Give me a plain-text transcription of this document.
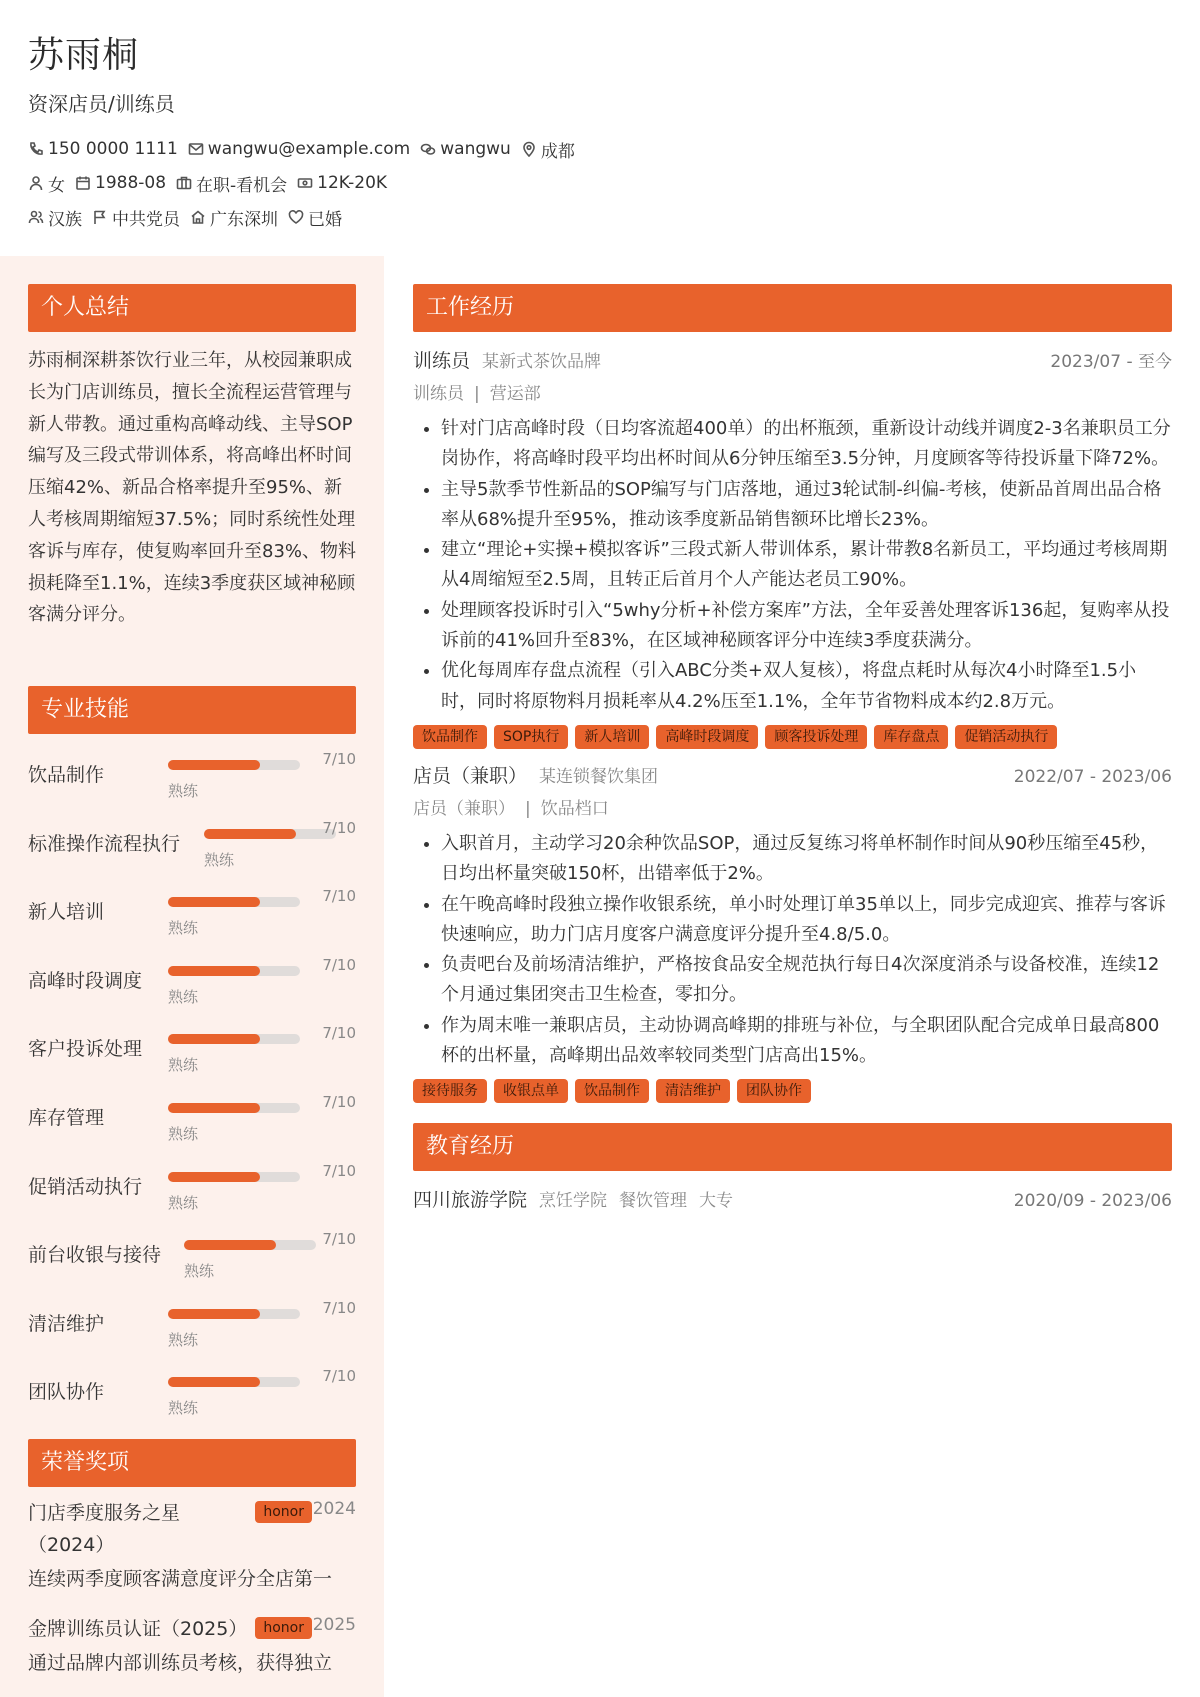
苏雨桐
资深店员/训练员
150 0000 1111 wangwu@example.com wangwu 成都
女 1988-08 在职-看机会 12K-20K
汉族 中共党员 广东深圳 已婚
个人总结
苏雨桐深耕茶饮行业三年，从校园兼职成长为门店训练员，擅长全流程运营管理与新人带教。通过重构高峰动线、主导SOP编写及三段式带训体系，将高峰出杯时间压缩42%、新品合格率提升至95%、新人考核周期缩短37.5%；同时系统性处理客诉与库存，使复购率回升至83%、物料损耗降至1.1%，连续3季度获区域神秘顾客满分评分。
专业技能
饮品制作
熟练
7/10
标准操作流程执行
熟练
7/10
新人培训
熟练
7/10
高峰时段调度
熟练
7/10
客户投诉处理
熟练
7/10
库存管理
熟练
7/10
促销活动执行
熟练
7/10
前台收银与接待
熟练
7/10
清洁维护
熟练
7/10
团队协作
熟练
7/10
荣誉奖项
门店季度服务之星（2024）
honor 2024
连续两季度顾客满意度评分全店第一
金牌训练员认证（2025）	honor 2025
通过品牌内部训练员考核，获得独立
工作经历
训练员 某新式茶饮品牌	2023/07 - 至今
训练员 | 营运部
• 针对门店高峰时段（日均客流超400单）的出杯瓶颈，重新设计动线并调度2-3名兼职员工分岗协作，将高峰时段平均出杯时间从6分钟压缩至3.5分钟，月度顾客等待投诉量下降72%。
• 主导5款季节性新品的SOP编写与门店落地，通过3轮试制-纠偏-考核，使新品首周出品合格率从68%提升至95%，推动该季度新品销售额环比增长23%。
• 建立“理论+实操+模拟客诉”三段式新人带训体系，累计带教8名新员工，平均通过考核周期从4周缩短至2.5周，且转正后首月个人产能达老员工90%。
• 处理顾客投诉时引入“5why分析+补偿方案库”方法，全年妥善处理客诉136起，复购率从投诉前的41%回升至83%，在区域神秘顾客评分中连续3季度获满分。
• 优化每周库存盘点流程（引入ABC分类+双人复核），将盘点耗时从每次4小时降至1.5小时，同时将原物料月损耗率从4.2%压至1.1%，全年节省物料成本约2.8万元。
饮品制作	SOP执行	新人培训	高峰时段调度	顾客投诉处理	库存盘点	促销活动执行
店员（兼职） 某连锁餐饮集团	2022/07 - 2023/06
店员（兼职） | 饮品档口
• 入职首月，主动学习20余种饮品SOP，通过反复练习将单杯制作时间从90秒压缩至45秒，日均出杯量突破150杯，出错率低于2%。
• 在午晚高峰时段独立操作收银系统，单小时处理订单35单以上，同步完成迎宾、推荐与客诉快速响应，助力门店月度客户满意度评分提升至4.8/5.0。
• 负责吧台及前场清洁维护，严格按食品安全规范执行每日4次深度消杀与设备校准，连续12个月通过集团突击卫生检查，零扣分。
• 作为周末唯一兼职店员，主动协调高峰期的排班与补位，与全职团队配合完成单日最高800杯的出杯量，高峰期出品效率较同类型门店高出15%。
接待服务	收银点单	饮品制作	清洁维护	团队协作
教育经历
四川旅游学院 烹饪学院 餐饮管理 大专	2020/09 - 2023/06
